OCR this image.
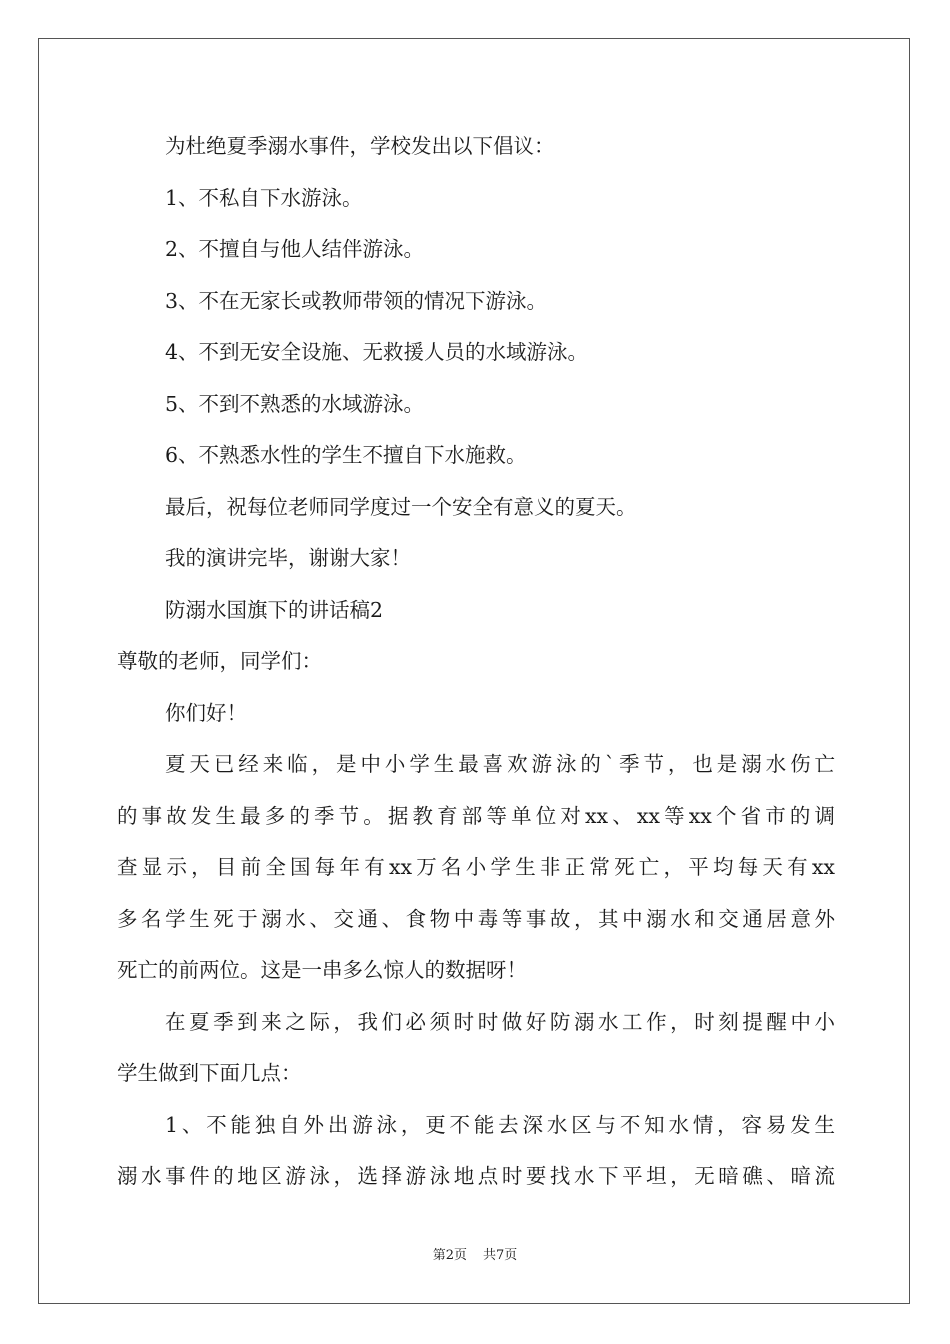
为杜绝夏季溺水事件，学校发出以下倡议：
1、不私自下水游泳。
2、不擅自与他人结伴游泳。
3、不在无家长或教师带领的情况下游泳。
4、不到无安全设施、无救援人员的水域游泳。
5、不到不熟悉的水域游泳。
6、不熟悉水性的学生不擅自下水施救。
最后，祝每位老师同学度过一个安全有意义的夏天。
我的演讲完毕，谢谢大家！
防溺水国旗下的讲话稿2
尊敬的老师，同学们：
你们好！
夏天已经来临，是中小学生最喜欢游泳的`季节，也是溺水伤亡
的事故发生最多的季节。据教育部等单位对xx、xx等xx个省市的调
查显示，目前全国每年有xx万名小学生非正常死亡，平均每天有xx
多名学生死于溺水、交通、食物中毒等事故，其中溺水和交通居意外
死亡的前两位。这是一串多么惊人的数据呀！
在夏季到来之际，我们必须时时做好防溺水工作，时刻提醒中小
学生做到下面几点：
1、不能独自外出游泳，更不能去深水区与不知水情，容易发生
溺水事件的地区游泳，选择游泳地点时要找水下平坦，无暗礁、暗流
第2页 共7页
